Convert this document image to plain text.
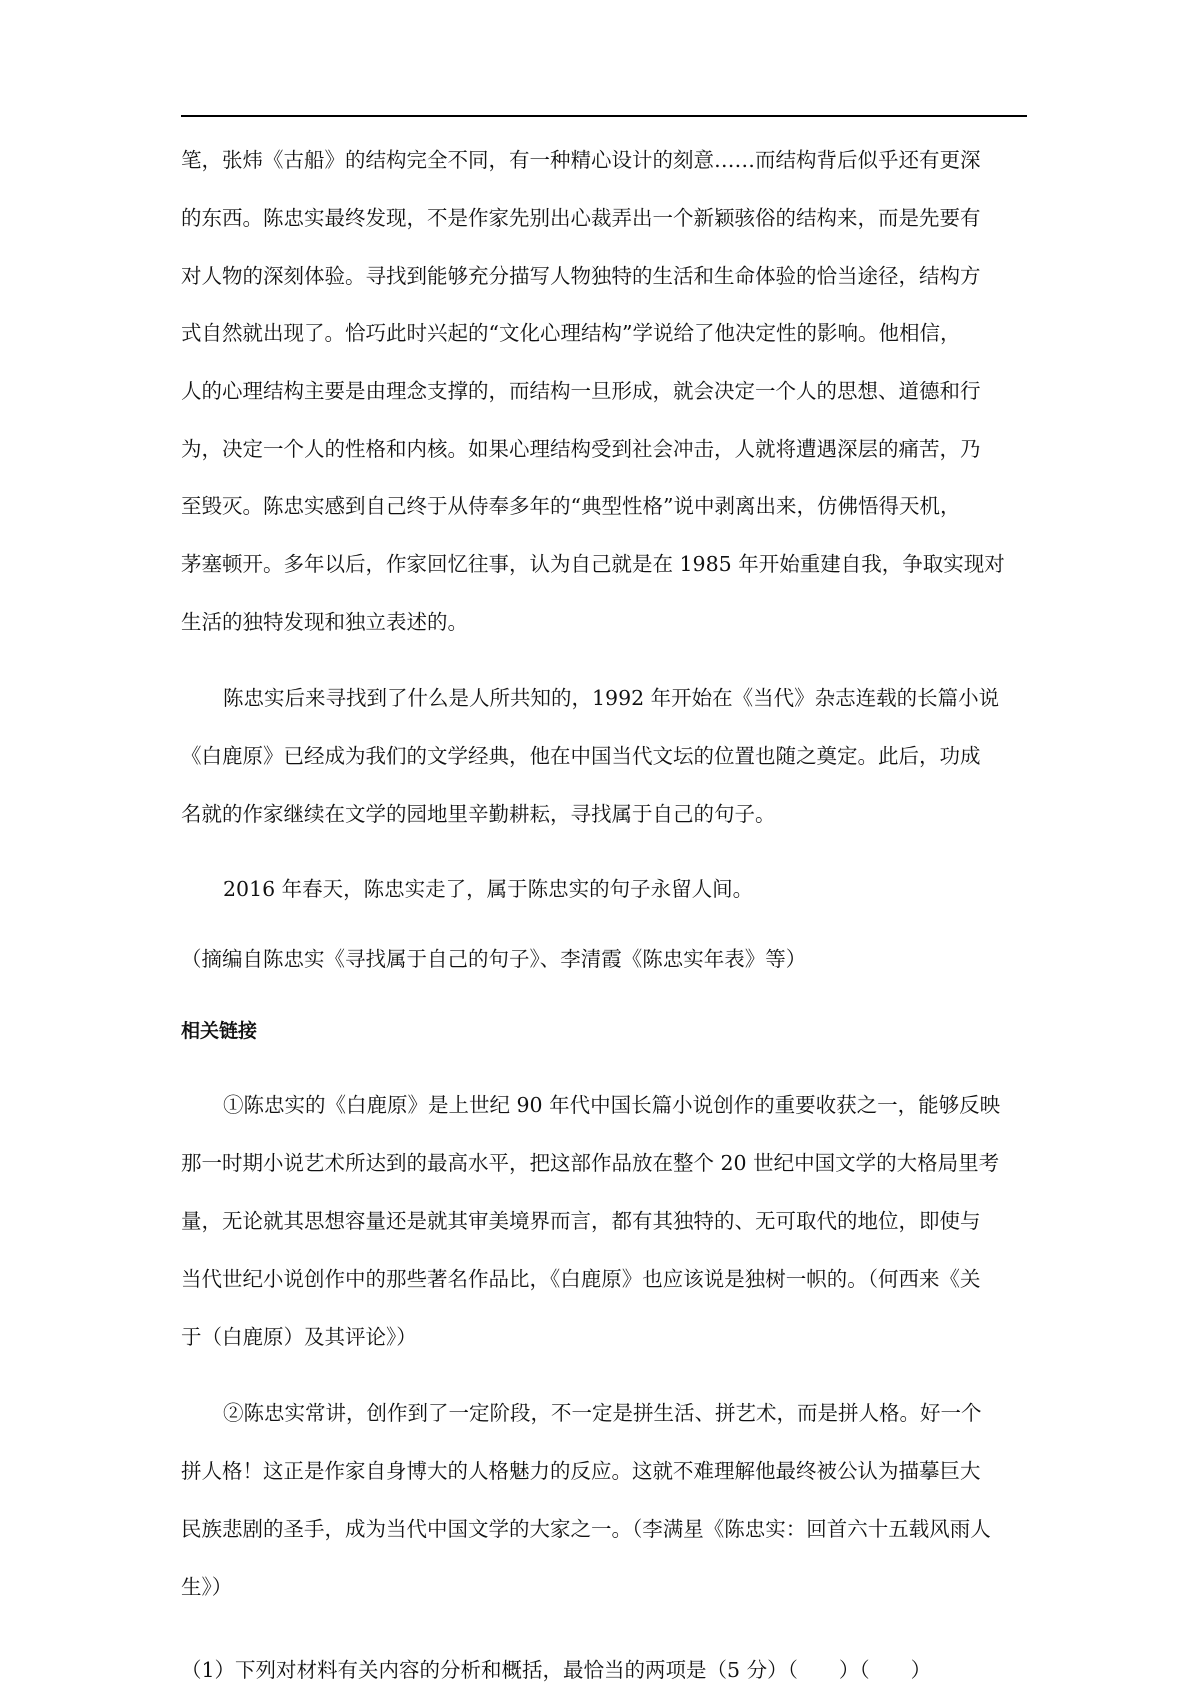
笔，张炜《古船》的结构完全不同，有一种精心设计的刻意……而结构背后似乎还有更深
的东西。陈忠实最终发现，不是作家先别出心裁弄出一个新颖骇俗的结构来，而是先要有
对人物的深刻体验。寻找到能够充分描写人物独特的生活和生命体验的恰当途径，结构方
式自然就出现了。恰巧此时兴起的“文化心理结构”学说给了他决定性的影响。他相信，
人的心理结构主要是由理念支撑的，而结构一旦形成，就会决定一个人的思想、道德和行
为，决定一个人的性格和内核。如果心理结构受到社会冲击，人就将遭遇深层的痛苦，乃
至毁灭。陈忠实感到自己终于从侍奉多年的“典型性格”说中剥离出来，仿佛悟得天机，
茅塞顿开。多年以后，作家回忆往事，认为自己就是在 1985 年开始重建自我，争取实现对
生活的独特发现和独立表述的。
陈忠实后来寻找到了什么是人所共知的，1992 年开始在《当代》杂志连载的长篇小说
《白鹿原》已经成为我们的文学经典，他在中国当代文坛的位置也随之奠定。此后，功成
名就的作家继续在文学的园地里辛勤耕耘，寻找属于自己的句子。
2016 年春天，陈忠实走了，属于陈忠实的句子永留人间。
（摘编自陈忠实《寻找属于自己的句子》、李清霞《陈忠实年表》等）
相关链接
①陈忠实的《白鹿原》是上世纪 90 年代中国长篇小说创作的重要收获之一，能够反映
那一时期小说艺术所达到的最高水平，把这部作品放在整个 20 世纪中国文学的大格局里考
量，无论就其思想容量还是就其审美境界而言，都有其独特的、无可取代的地位，即使与
当代世纪小说创作中的那些著名作品比，《白鹿原》也应该说是独树一帜的。（何西来《关
于（白鹿原）及其评论》）
②陈忠实常讲，创作到了一定阶段，不一定是拼生活、拼艺术，而是拼人格。好一个
拼人格！这正是作家自身博大的人格魅力的反应。这就不难理解他最终被公认为描摹巨大
民族悲剧的圣手，成为当代中国文学的大家之一。（李满星《陈忠实：回首六十五载风雨人
生》）
（1）下列对材料有关内容的分析和概括，最恰当的两项是（5 分）（　　）（　　）
